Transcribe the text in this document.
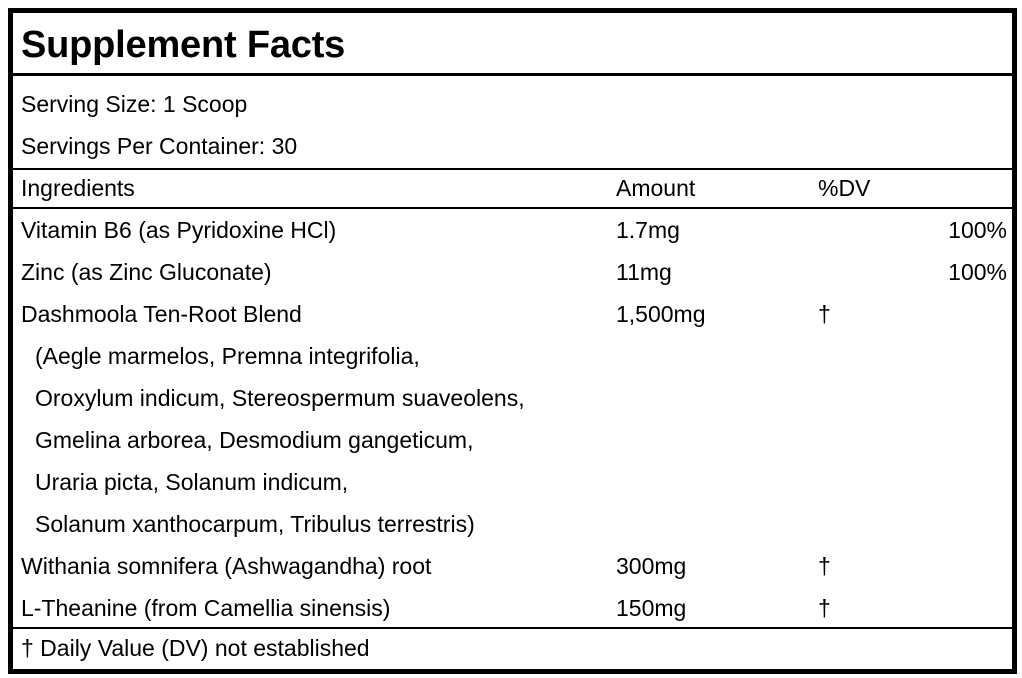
Supplement Facts
Serving Size: 1 Scoop
Servings Per Container: 30
Ingredients	Amount	%DV
Vitamin B6 (as Pyridoxine HCl)	1.7mg	100%
Zinc (as Zinc Gluconate)	11mg	100%
Dashmoola Ten-Root Blend	1,500mg	†
(Aegle marmelos, Premna integrifolia,
Oroxylum indicum, Stereospermum suaveolens,
Gmelina arborea, Desmodium gangeticum,
Uraria picta, Solanum indicum,
Solanum xanthocarpum, Tribulus terrestris)
Withania somnifera (Ashwagandha) root	300mg	†
L-Theanine (from Camellia sinensis)	150mg	†
† Daily Value (DV) not established
